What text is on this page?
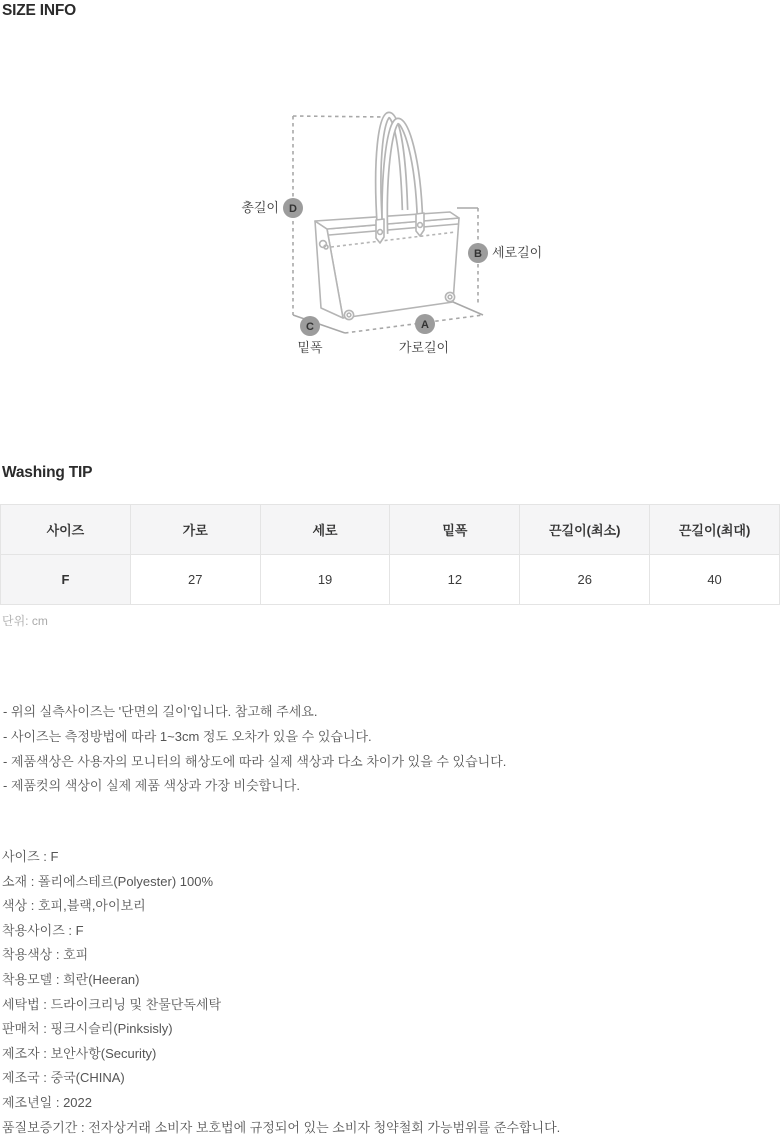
SIZE INFO
D
B
C	A
총길이
세로길이
밑폭	가로길이
Washing TIP
사이즈	가로	세로	밑폭	끈길이(최소)	끈길이(최대)
F	27	19	12	26	40
단위: cm
- 위의 실측사이즈는 '단면의 길이'입니다. 참고해 주세요.
- 사이즈는 측정방법에 따라 1~3cm 정도 오차가 있을 수 있습니다.
- 제품색상은 사용자의 모니터의 해상도에 따라 실제 색상과 다소 차이가 있을 수 있습니다.
- 제품컷의 색상이 실제 제품 색상과 가장 비슷합니다.
사이즈 : F
소재 : 폴리에스테르(Polyester) 100%
색상 : 호피,블랙,아이보리
착용사이즈 : F
착용색상 : 호피
착용모델 : 희란(Heeran)
세탁법 : 드라이크리닝 및 찬물단독세탁
판매처 : 핑크시슬리(Pinksisly)
제조자 : 보안사항(Security)
제조국 : 중국(CHINA)
제조년일 : 2022
품질보증기간 : 전자상거래 소비자 보호법에 규정되어 있는 소비자 청약철회 가능범위를 준수합니다.
